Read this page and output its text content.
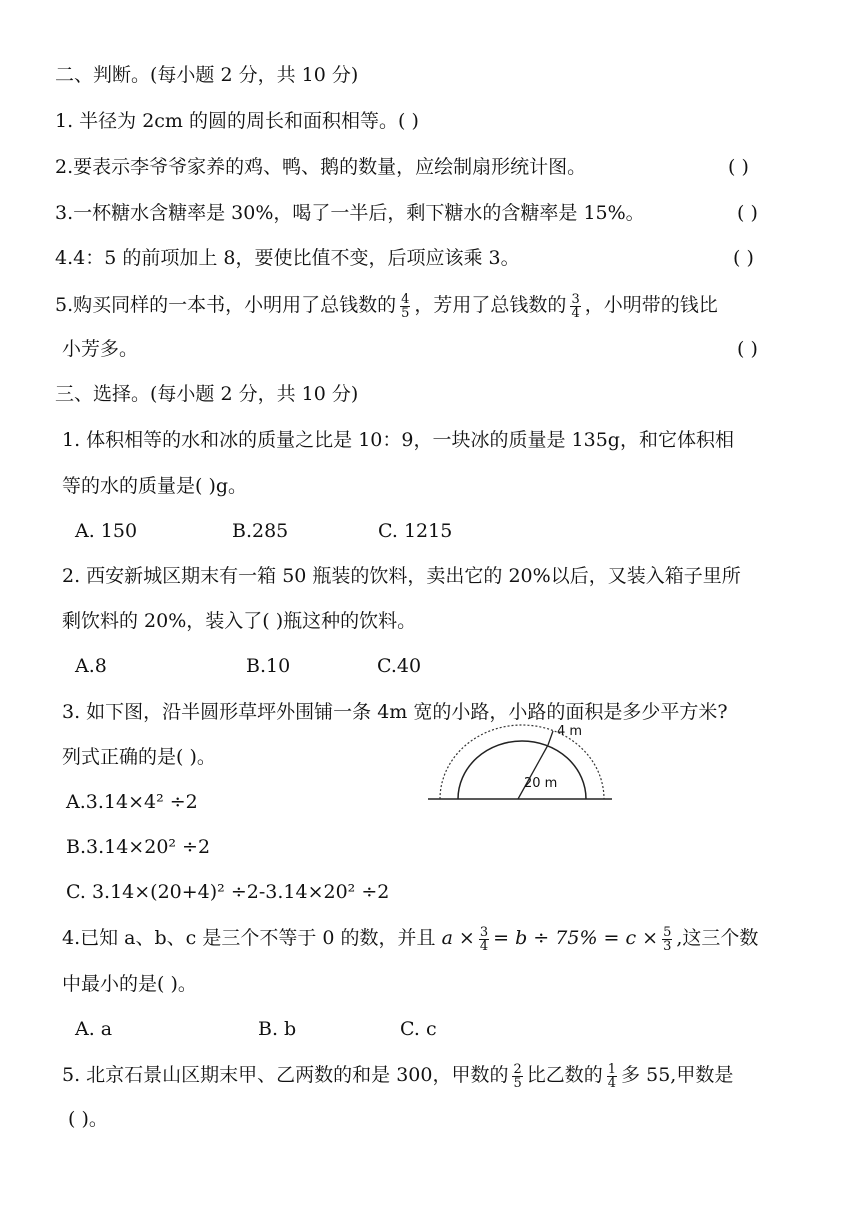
二、判断。(每小题 2 分，共 10 分)
1. 半径为 2cm 的圆的周长和面积相等。( )
2.要表示李爷爷家养的鸡、鸭、鹅的数量，应绘制扇形统计图。	( )
3.一杯糖水含糖率是 30%，喝了一半后，剩下糖水的含糖率是 15%。	( )
4.4：5 的前项加上 8，要使比值不变，后项应该乘 3。	( )
5.购买同样的一本书，小明用了总钱数的 $\frac{4}{5}$ ，芳用了总钱数的 $\frac{3}{4}$ ，小明带的钱比
小芳多。	( )
三、选择。(每小题 2 分，共 10 分)
1. 体积相等的水和冰的质量之比是 10：9，一块冰的质量是 135g，和它体积相
等的水的质量是( )g。
A. 150	B.285	C. 1215
2. 西安新城区期末有一箱 50 瓶装的饮料，卖出它的 20%以后，又装入箱子里所
剩饮料的 20%，装入了( )瓶这种的饮料。
A.8	B.10	C.40
3. 如下图，沿半圆形草坪外围铺一条 4m 宽的小路，小路的面积是多少平方米?
列式正确的是( )。
4 m
20 m
A.3.14×4² ÷2
B.3.14×20² ÷2
C. 3.14×(20+4)² ÷2-3.14×20² ÷2
4.已知 a、b、c 是三个不等于 0 的数，并且 $a \times \frac{3}{4} = b \div 75\% = c \times \frac{5}{3}$ ,这三个数
中最小的是( )。
A. a	B. b	C. c
5. 北京石景山区期末甲、乙两数的和是 300，甲数的 $\frac{2}{5}$ 比乙数的 $\frac{1}{4}$ 多 55,甲数是
( )。
